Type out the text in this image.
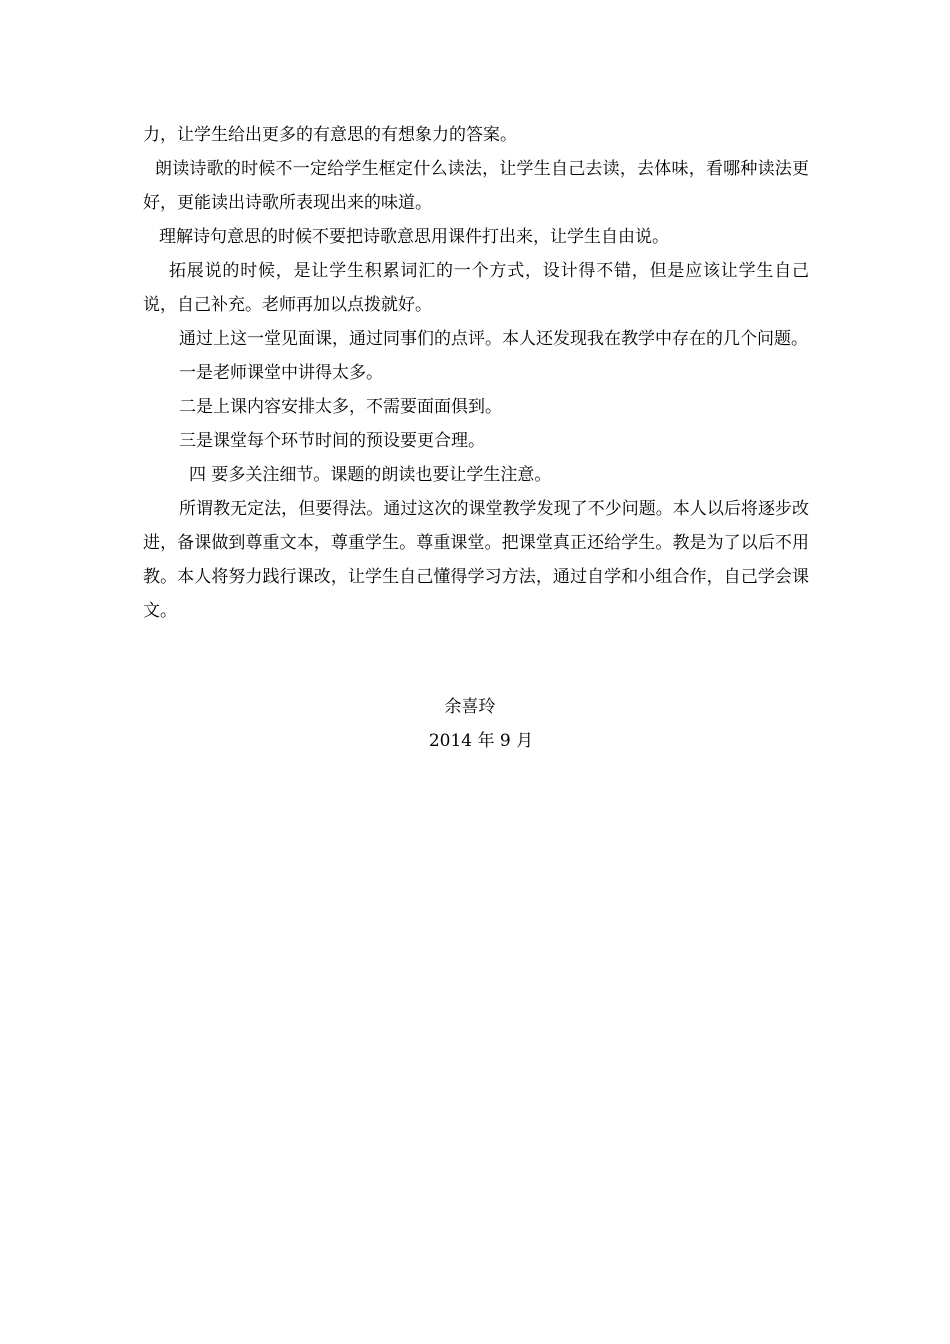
力，让学生给出更多的有意思的有想象力的答案。

朗读诗歌的时候不一定给学生框定什么读法，让学生自己去读，去体味，看哪种读法更好，更能读出诗歌所表现出来的味道。

理解诗句意思的时候不要把诗歌意思用课件打出来，让学生自由说。

拓展说的时候，是让学生积累词汇的一个方式，设计得不错，但是应该让学生自己说，自己补充。老师再加以点拨就好。

通过上这一堂见面课，通过同事们的点评。本人还发现我在教学中存在的几个问题。

一是老师课堂中讲得太多。

二是上课内容安排太多，不需要面面俱到。

三是课堂每个环节时间的预设要更合理。

四 要多关注细节。课题的朗读也要让学生注意。

所谓教无定法，但要得法。通过这次的课堂教学发现了不少问题。本人以后将逐步改进，备课做到尊重文本，尊重学生。尊重课堂。把课堂真正还给学生。教是为了以后不用教。本人将努力践行课改，让学生自己懂得学习方法，通过自学和小组合作，自己学会课文。

余喜玲
2014 年 9 月
